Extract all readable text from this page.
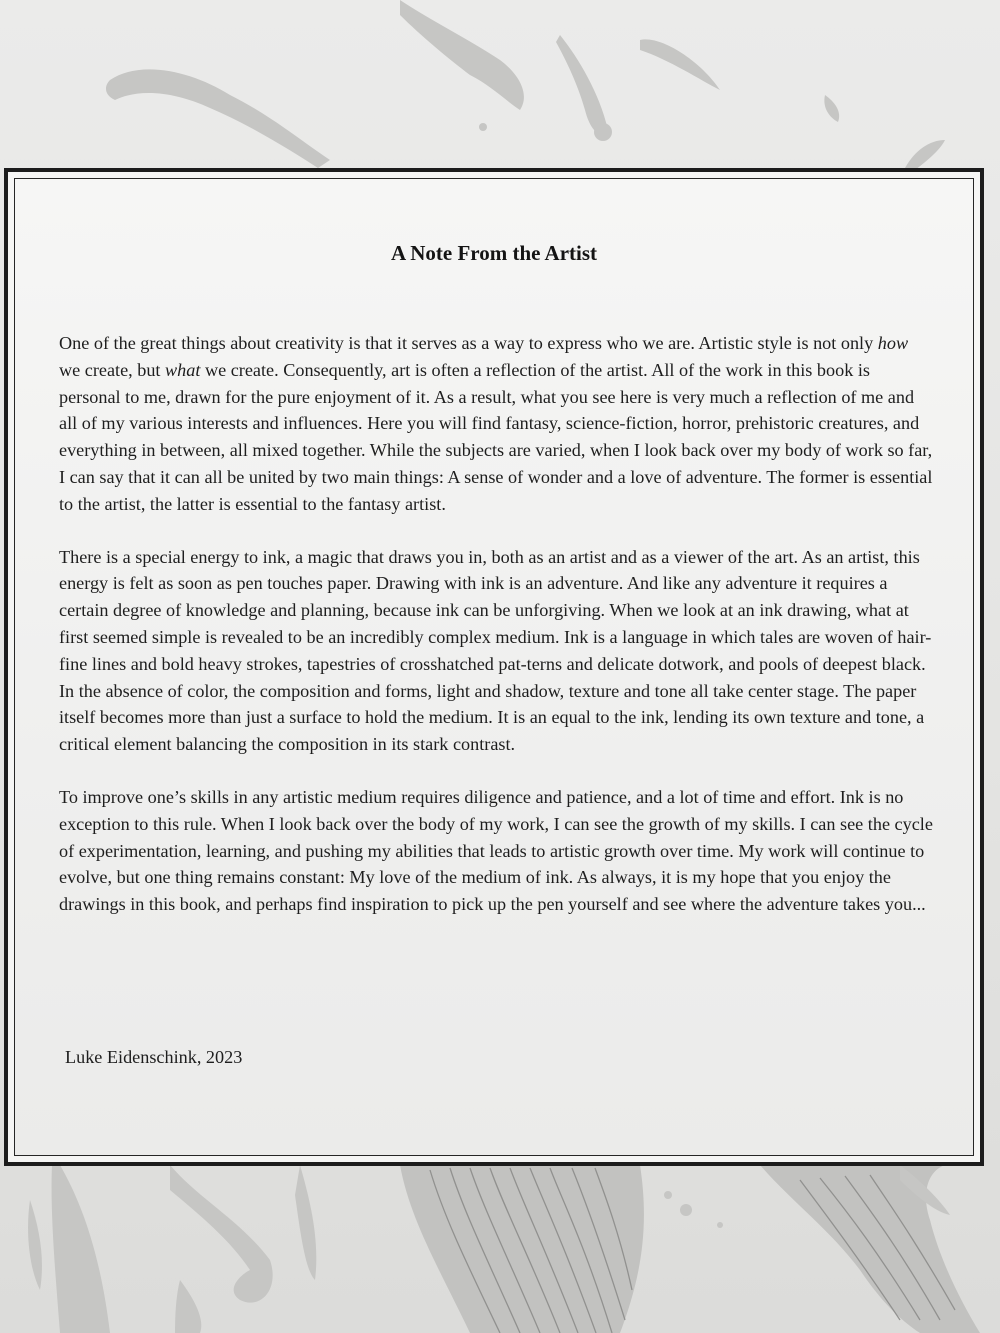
A Note From the Artist

One of the great things about creativity is that it serves as a way to express who we are. Artistic style is not only how we create, but what we create. Consequently, art is often a reflection of the artist. All of the work in this book is personal to me, drawn for the pure enjoyment of it. As a result, what you see here is very much a reflection of me and all of my various interests and influences. Here you will find fantasy, science-fiction, horror, prehistoric creatures, and everything in between, all mixed together. While the subjects are varied, when I look back over my body of work so far, I can say that it can all be united by two main things: A sense of wonder and a love of adventure. The former is essential to the artist, the latter is essential to the fantasy artist.

There is a special energy to ink, a magic that draws you in, both as an artist and as a viewer of the art. As an artist, this energy is felt as soon as pen touches paper. Drawing with ink is an adventure. And like any adventure it requires a certain degree of knowledge and planning, because ink can be unforgiving. When we look at an ink drawing, what at first seemed simple is revealed to be an incredibly complex medium. Ink is a language in which tales are woven of hair-fine lines and bold heavy strokes, tapestries of crosshatched pat-terns and delicate dotwork, and pools of deepest black. In the absence of color, the composition and forms, light and shadow, texture and tone all take center stage. The paper itself becomes more than just a surface to hold the medium. It is an equal to the ink, lending its own texture and tone, a critical element balancing the composition in its stark contrast.

To improve one’s skills in any artistic medium requires diligence and patience, and a lot of time and effort. Ink is no exception to this rule. When I look back over the body of my work, I can see the growth of my skills. I can see the cycle of experimentation, learning, and pushing my abilities that leads to artistic growth over time. My work will continue to evolve, but one thing remains constant: My love of the medium of ink. As always, it is my hope that you enjoy the drawings in this book, and perhaps find inspiration to pick up the pen yourself and see where the adventure takes you...

Luke Eidenschink, 2023
